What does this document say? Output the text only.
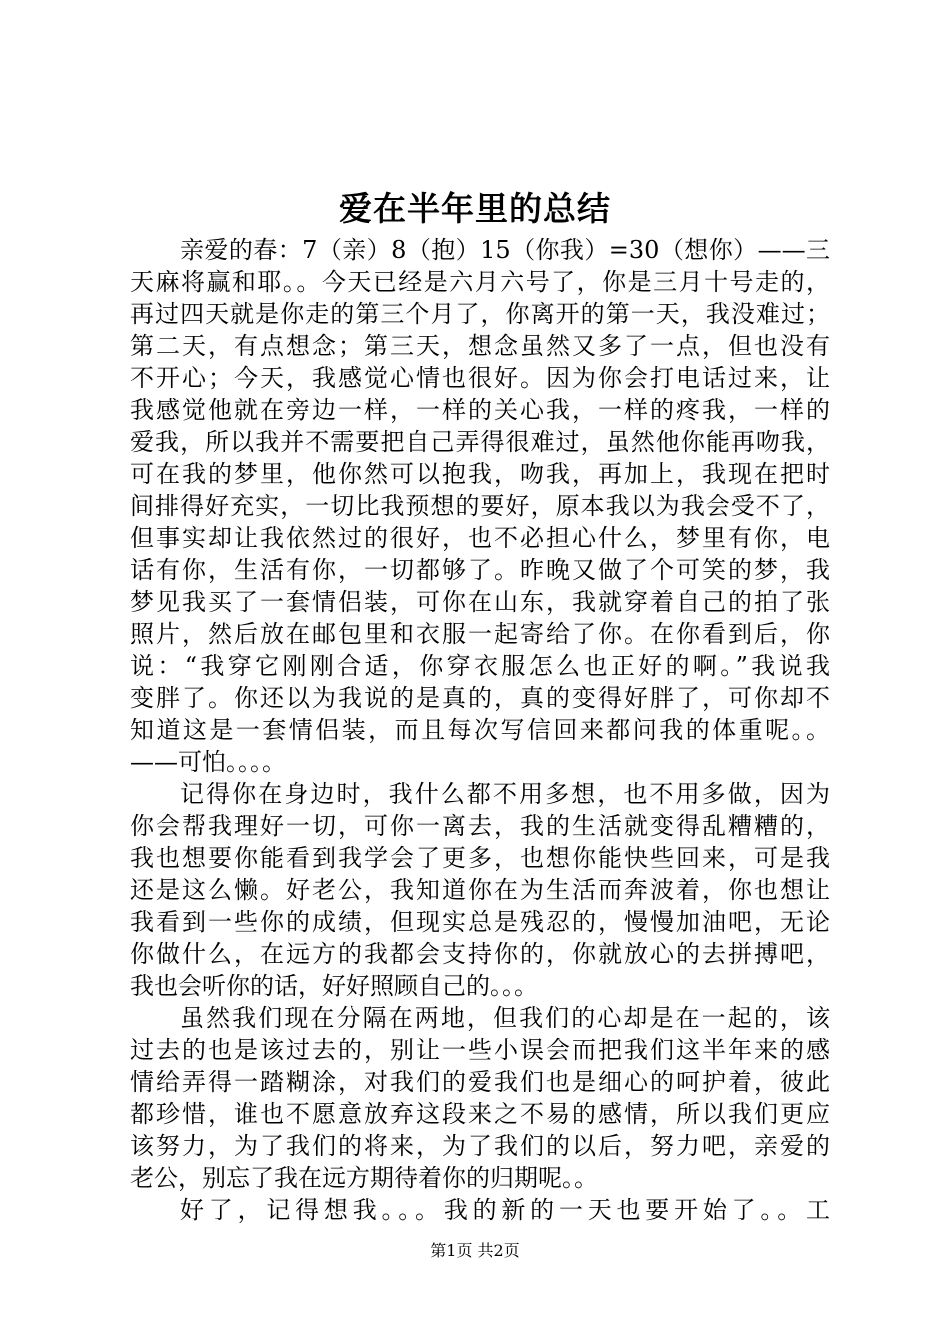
爱在半年里的总结
亲爱的春：7（亲）8（抱）15（你我）=30（想你）——三
天麻将赢和耶。。今天已经是六月六号了，你是三月十号走的，
再过四天就是你走的第三个月了，你离开的第一天，我没难过；
第二天，有点想念；第三天，想念虽然又多了一点，但也没有
不开心；今天，我感觉心情也很好。因为你会打电话过来，让
我感觉他就在旁边一样，一样的关心我，一样的疼我，一样的
爱我，所以我并不需要把自己弄得很难过，虽然他你能再吻我，
可在我的梦里，他你然可以抱我，吻我，再加上，我现在把时
间排得好充实，一切比我预想的要好，原本我以为我会受不了，
但事实却让我依然过的很好，也不必担心什么，梦里有你，电
话有你，生活有你，一切都够了。昨晚又做了个可笑的梦，我
梦见我买了一套情侣装，可你在山东，我就穿着自己的拍了张
照片，然后放在邮包里和衣服一起寄给了你。在你看到后，你
说：“我穿它刚刚合适，你穿衣服怎么也正好的啊。”我说我
变胖了。你还以为我说的是真的，真的变得好胖了，可你却不
知道这是一套情侣装，而且每次写信回来都问我的体重呢。。
——可怕。。。。
记得你在身边时，我什么都不用多想，也不用多做，因为
你会帮我理好一切，可你一离去，我的生活就变得乱糟糟的，
我也想要你能看到我学会了更多，也想你能快些回来，可是我
还是这么懒。好老公，我知道你在为生活而奔波着，你也想让
我看到一些你的成绩，但现实总是残忍的，慢慢加油吧，无论
你做什么，在远方的我都会支持你的，你就放心的去拼搏吧，
我也会听你的话，好好照顾自己的。。。
虽然我们现在分隔在两地，但我们的心却是在一起的，该
过去的也是该过去的，别让一些小误会而把我们这半年来的感
情给弄得一踏糊涂，对我们的爱我们也是细心的呵护着，彼此
都珍惜，谁也不愿意放弃这段来之不易的感情，所以我们更应
该努力，为了我们的将来，为了我们的以后，努力吧，亲爱的
老公，别忘了我在远方期待着你的归期呢。。
好了，记得想我。。。我的新的一天也要开始了。。工
第1页 共2页
